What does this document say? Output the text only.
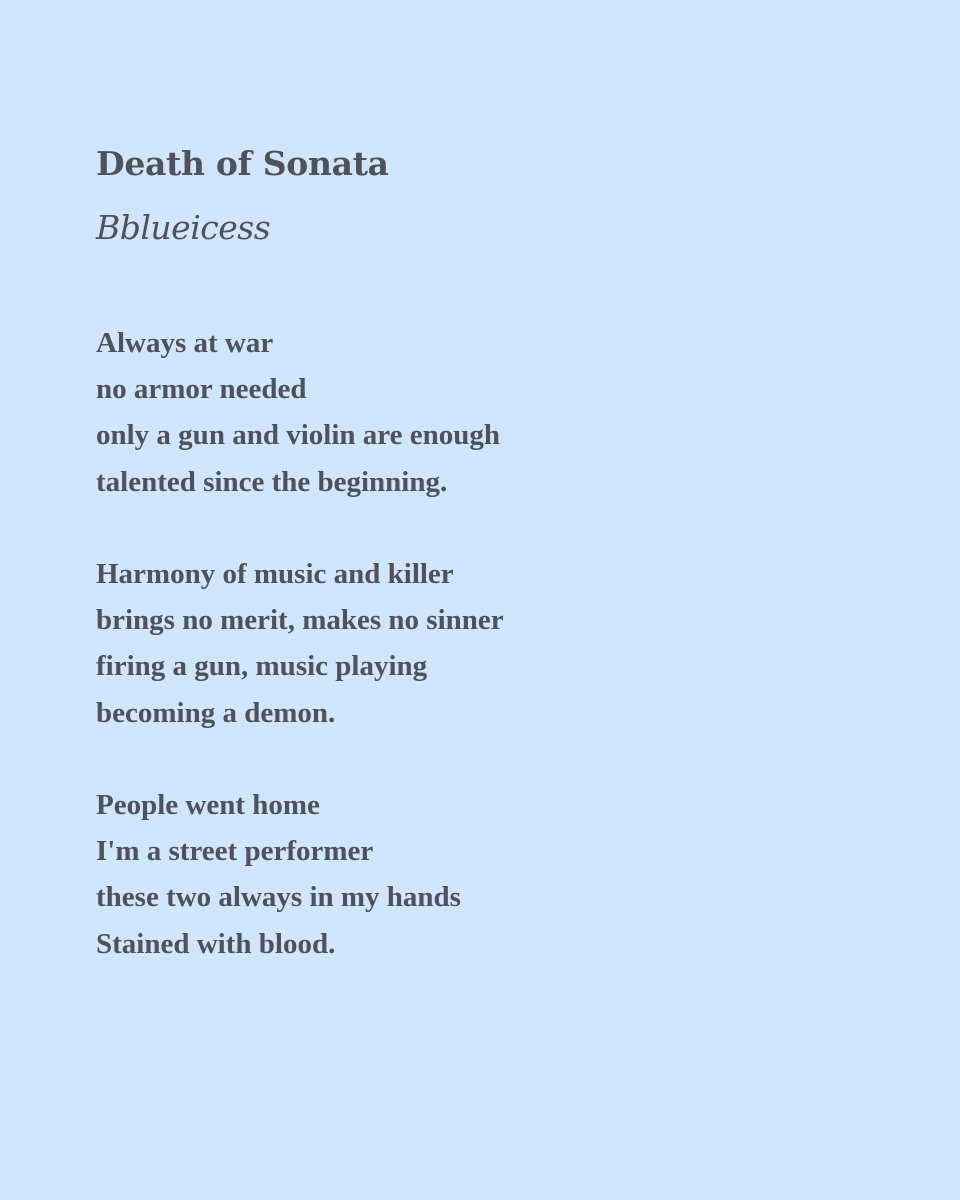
Death of Sonata

Bblueicess

Always at war
no armor needed
only a gun and violin are enough
talented since the beginning.

Harmony of music and killer
brings no merit, makes no sinner
firing a gun, music playing
becoming a demon.

People went home
I'm a street performer
these two always in my hands
Stained with blood.
